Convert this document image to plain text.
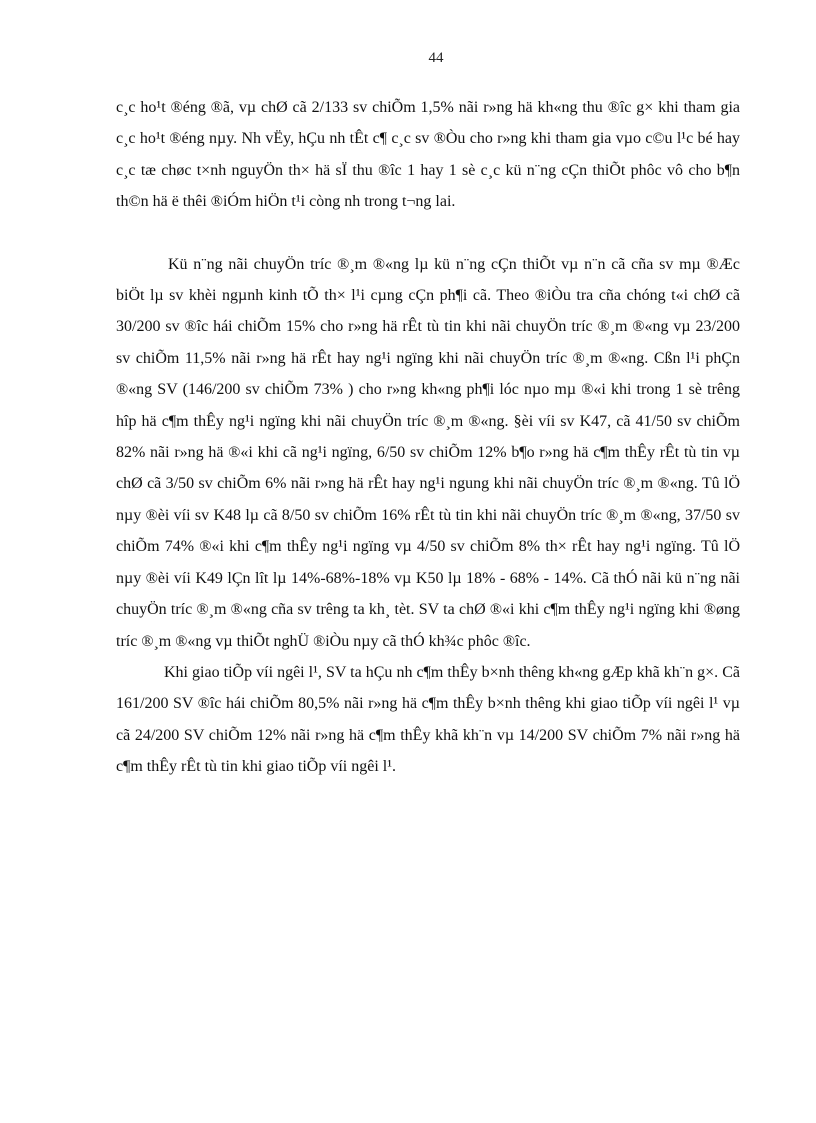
44

c¸c ho¹t ®éng ®ã, vµ chØ cã 2/133 sv chiÕm 1,5% nãi r»ng hä kh«ng thu ®îc g× khi tham gia c¸c ho¹t ®éng nµy. Nh vËy, hÇu nh tÊt c¶ c¸c sv ®Òu cho r»ng khi tham gia vµo c©u l¹c bé hay c¸c tæ chøc t×nh nguyÖn th× hä sÏ thu ®îc 1 hay 1 sè c¸c kü n¨ng cÇn thiÕt phôc vô cho b¶n th©n hä ë thêi ®iÓm hiÖn t¹i còng nh trong t¬ng lai.

Kü n¨ng nãi chuyÖn tríc ®¸m ®«ng lµ kü n¨ng cÇn thiÕt vµ n¨n cã cña sv mµ ®Æc biÖt lµ sv khèi ngµnh kinh tÕ th× l¹i cµng cÇn ph¶i cã. Theo ®iÒu tra cña chóng t«i chØ cã 30/200 sv ®îc hái chiÕm 15% cho r»ng hä rÊt tù tin khi nãi chuyÖn tríc ®¸m ®«ng vµ 23/200 sv chiÕm 11,5% nãi r»ng hä rÊt hay ng¹i ngïng khi nãi chuyÖn tríc ®¸m ®«ng. Cßn l¹i phÇn ®«ng SV (146/200 sv chiÕm 73% ) cho r»ng kh«ng ph¶i lóc nµo mµ ®«i khi trong 1 sè trêng hîp hä c¶m thÊy ng¹i ngïng khi nãi chuyÖn tríc ®¸m ®«ng. §èi víi sv K47, cã 41/50 sv chiÕm 82% nãi r»ng hä ®«i khi cã ng¹i ngïng, 6/50 sv chiÕm 12% b¶o r»ng hä c¶m thÊy rÊt tù tin vµ chØ cã 3/50 sv chiÕm 6% nãi r»ng hä rÊt hay ng¹i ngung khi nãi chuyÖn tríc ®¸m ®«ng. Tû lÖ nµy ®èi víi sv K48 lµ cã 8/50 sv chiÕm 16% rÊt tù tin khi nãi chuyÖn tríc ®¸m ®«ng, 37/50 sv chiÕm 74% ®«i khi c¶m thÊy ng¹i ngïng vµ 4/50 sv chiÕm 8% th× rÊt hay ng¹i ngïng. Tû lÖ nµy ®èi víi K49 lÇn lît lµ 14%-68%-18% vµ K50 lµ 18% - 68% - 14%. Cã thÓ nãi kü n¨ng nãi chuyÖn tríc ®¸m ®«ng cña sv trêng ta kh¸ tèt. SV ta chØ ®«i khi c¶m thÊy ng¹i ngïng khi ®øng tríc ®¸m ®«ng vµ thiÕt nghÜ ®iÒu nµy cã thÓ kh¾c phôc ®îc.

Khi giao tiÕp víi ngêi l¹, SV ta hÇu nh c¶m thÊy b×nh thêng kh«ng gÆp khã kh¨n g×. Cã 161/200 SV ®îc hái chiÕm 80,5% nãi r»ng hä c¶m thÊy b×nh thêng khi giao tiÕp víi ngêi l¹ vµ cã 24/200 SV chiÕm 12% nãi r»ng hä c¶m thÊy khã kh¨n vµ 14/200 SV chiÕm 7% nãi r»ng hä c¶m thÊy rÊt tù tin khi giao tiÕp víi ngêi l¹.
